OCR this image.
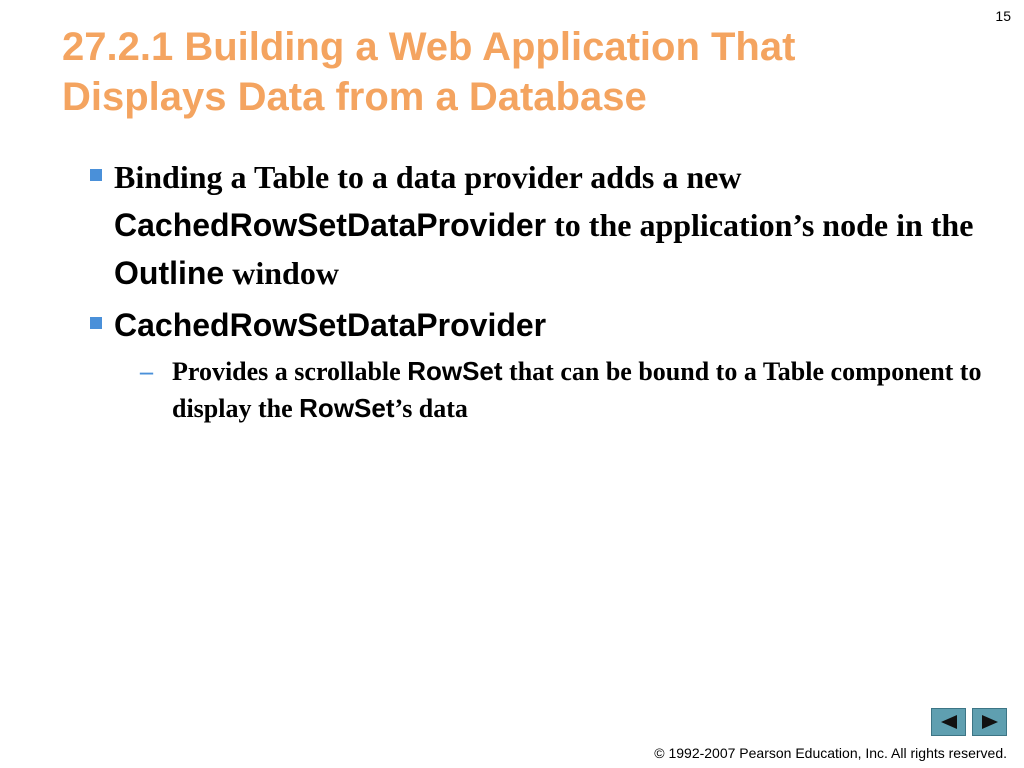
15
27.2.1 Building a Web Application That
Displays Data from a Database
Binding a Table to a data provider adds a new
CachedRowSetDataProvider to the application’s node in the Outline window
CachedRowSetDataProvider
– Provides a scrollable RowSet that can be bound to a Table component to display the RowSet’s data
© 1992-2007 Pearson Education, Inc. All rights reserved.
